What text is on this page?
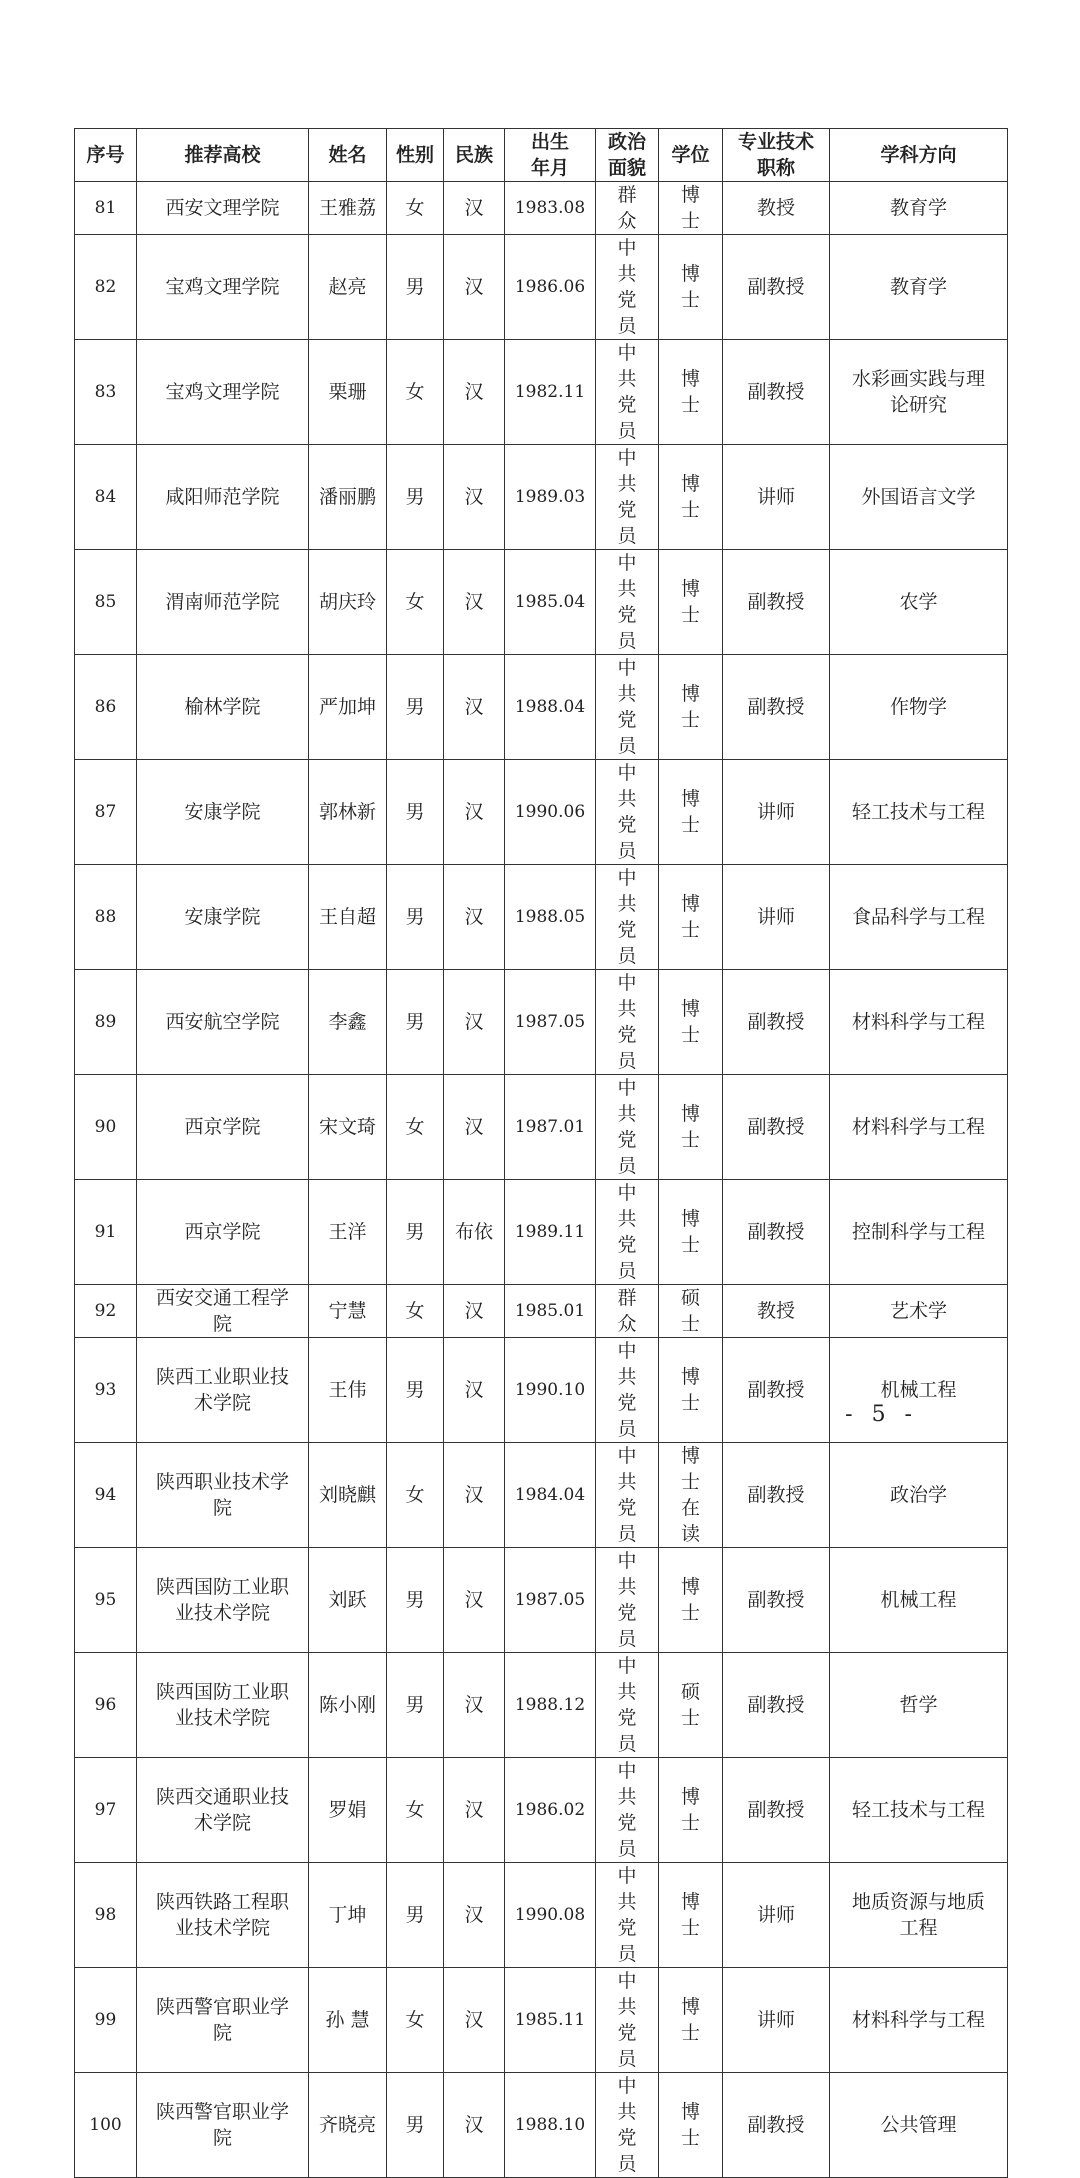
序号	推荐高校	姓名	性别	民族	出生年月	政治面貌	学位	专业技术职称	学科方向
81	西安文理学院	王雅荔	女	汉	1983.08	群众	博士	教授	教育学
82	宝鸡文理学院	赵亮	男	汉	1986.06	中共党员	博士	副教授	教育学
83	宝鸡文理学院	栗珊	女	汉	1982.11	中共党员	博士	副教授	水彩画实践与理论研究
84	咸阳师范学院	潘丽鹏	男	汉	1989.03	中共党员	博士	讲师	外国语言文学
85	渭南师范学院	胡庆玲	女	汉	1985.04	中共党员	博士	副教授	农学
86	榆林学院	严加坤	男	汉	1988.04	中共党员	博士	副教授	作物学
87	安康学院	郭林新	男	汉	1990.06	中共党员	博士	讲师	轻工技术与工程
88	安康学院	王自超	男	汉	1988.05	中共党员	博士	讲师	食品科学与工程
89	西安航空学院	李鑫	男	汉	1987.05	中共党员	博士	副教授	材料科学与工程
90	西京学院	宋文琦	女	汉	1987.01	中共党员	博士	副教授	材料科学与工程
91	西京学院	王洋	男	布依	1989.11	中共党员	博士	副教授	控制科学与工程
92	西安交通工程学院	宁慧	女	汉	1985.01	群众	硕士	教授	艺术学
93	陕西工业职业技术学院	王伟	男	汉	1990.10	中共党员	博士	副教授	机械工程
94	陕西职业技术学院	刘晓麒	女	汉	1984.04	中共党员	博士在读	副教授	政治学
95	陕西国防工业职业技术学院	刘跃	男	汉	1987.05	中共党员	博士	副教授	机械工程
96	陕西国防工业职业技术学院	陈小刚	男	汉	1988.12	中共党员	硕士	副教授	哲学
97	陕西交通职业技术学院	罗娟	女	汉	1986.02	中共党员	博士	副教授	轻工技术与工程
98	陕西铁路工程职业技术学院	丁坤	男	汉	1990.08	中共党员	博士	讲师	地质资源与地质工程
99	陕西警官职业学院	孙 慧	女	汉	1985.11	中共党员	博士	讲师	材料科学与工程
100	陕西警官职业学院	齐晓亮	男	汉	1988.10	中共党员	博士	副教授	公共管理
- 5 -
